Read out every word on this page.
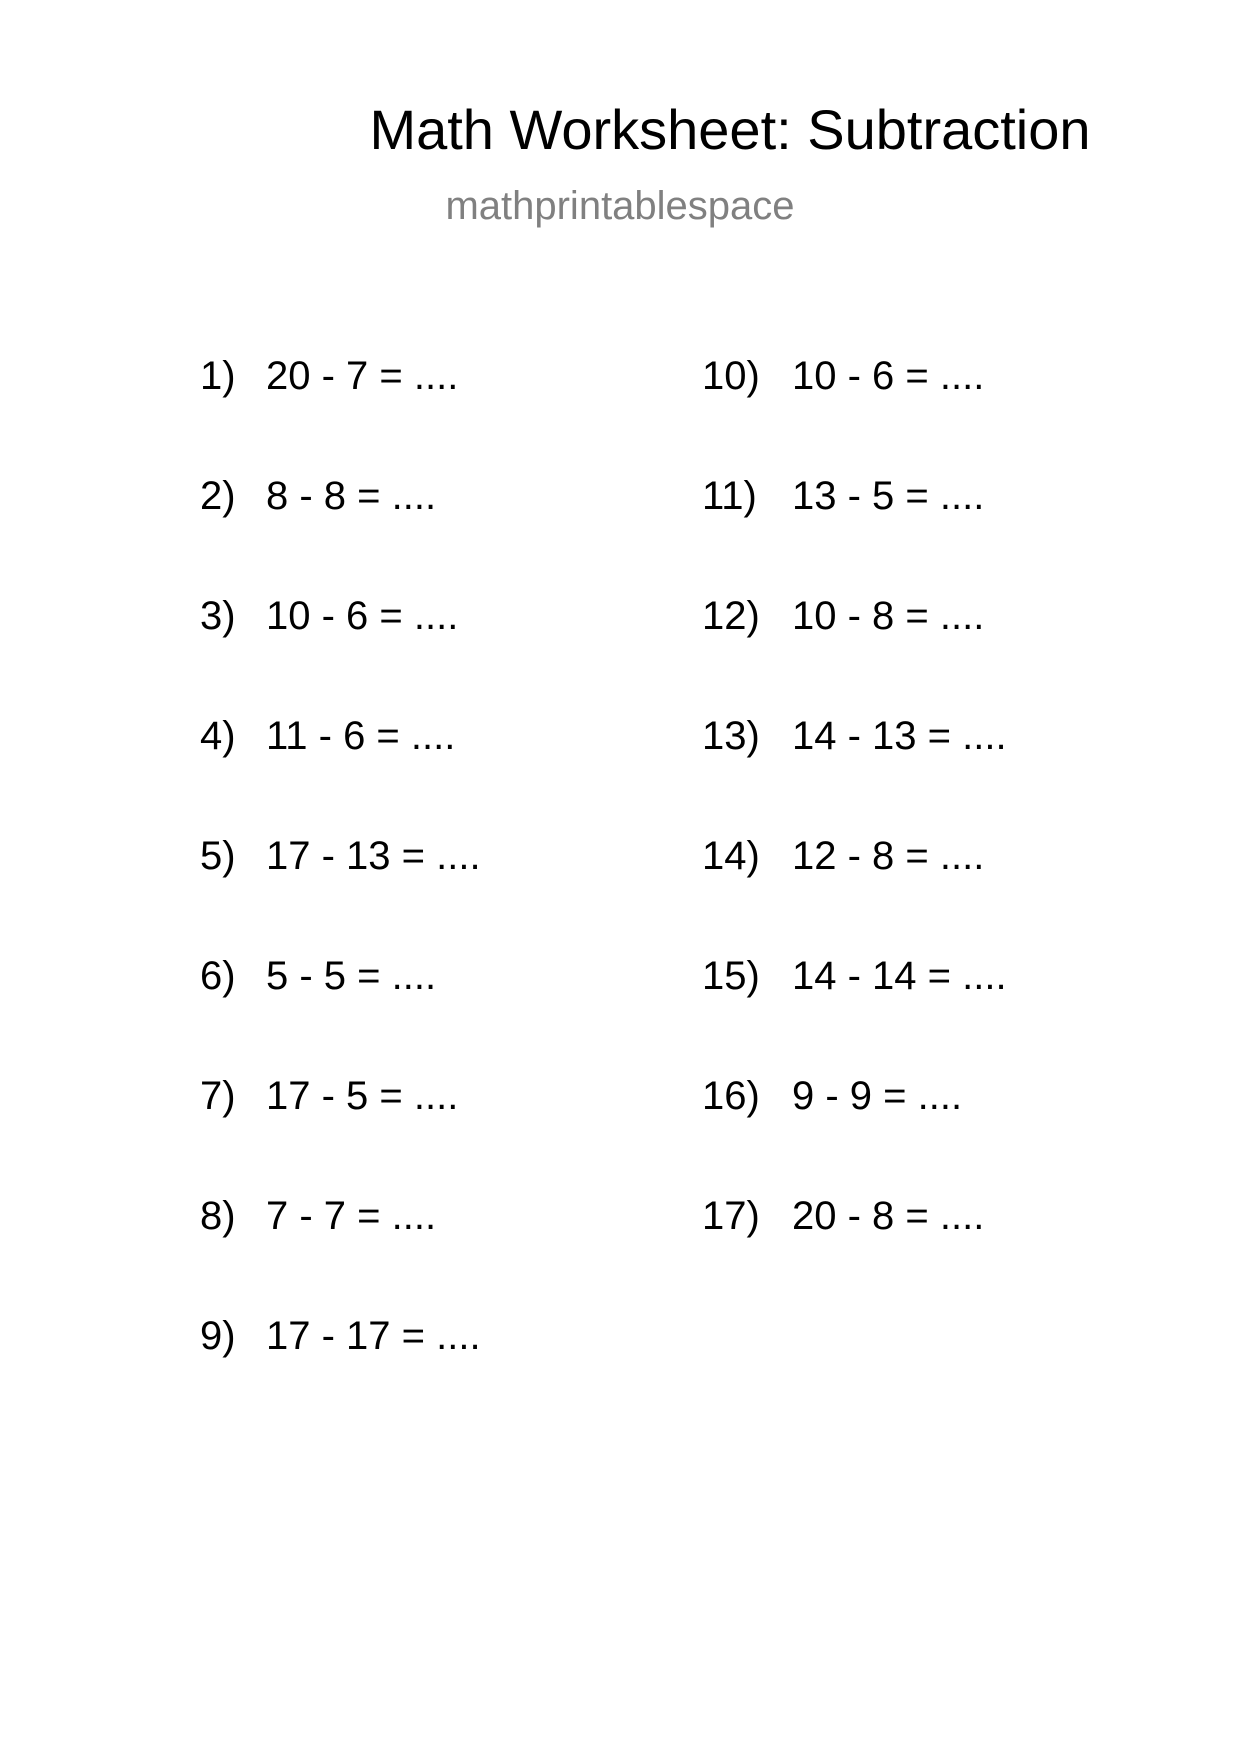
Math Worksheet: Subtraction
mathprintablespace
1) 20 - 7 = ....
2) 8 - 8 = ....
3) 10 - 6 = ....
4) 11 - 6 = ....
5) 17 - 13 = ....
6) 5 - 5 = ....
7) 17 - 5 = ....
8) 7 - 7 = ....
9) 17 - 17 = ....
10) 10 - 6 = ....
11) 13 - 5 = ....
12) 10 - 8 = ....
13) 14 - 13 = ....
14) 12 - 8 = ....
15) 14 - 14 = ....
16) 9 - 9 = ....
17) 20 - 8 = ....
